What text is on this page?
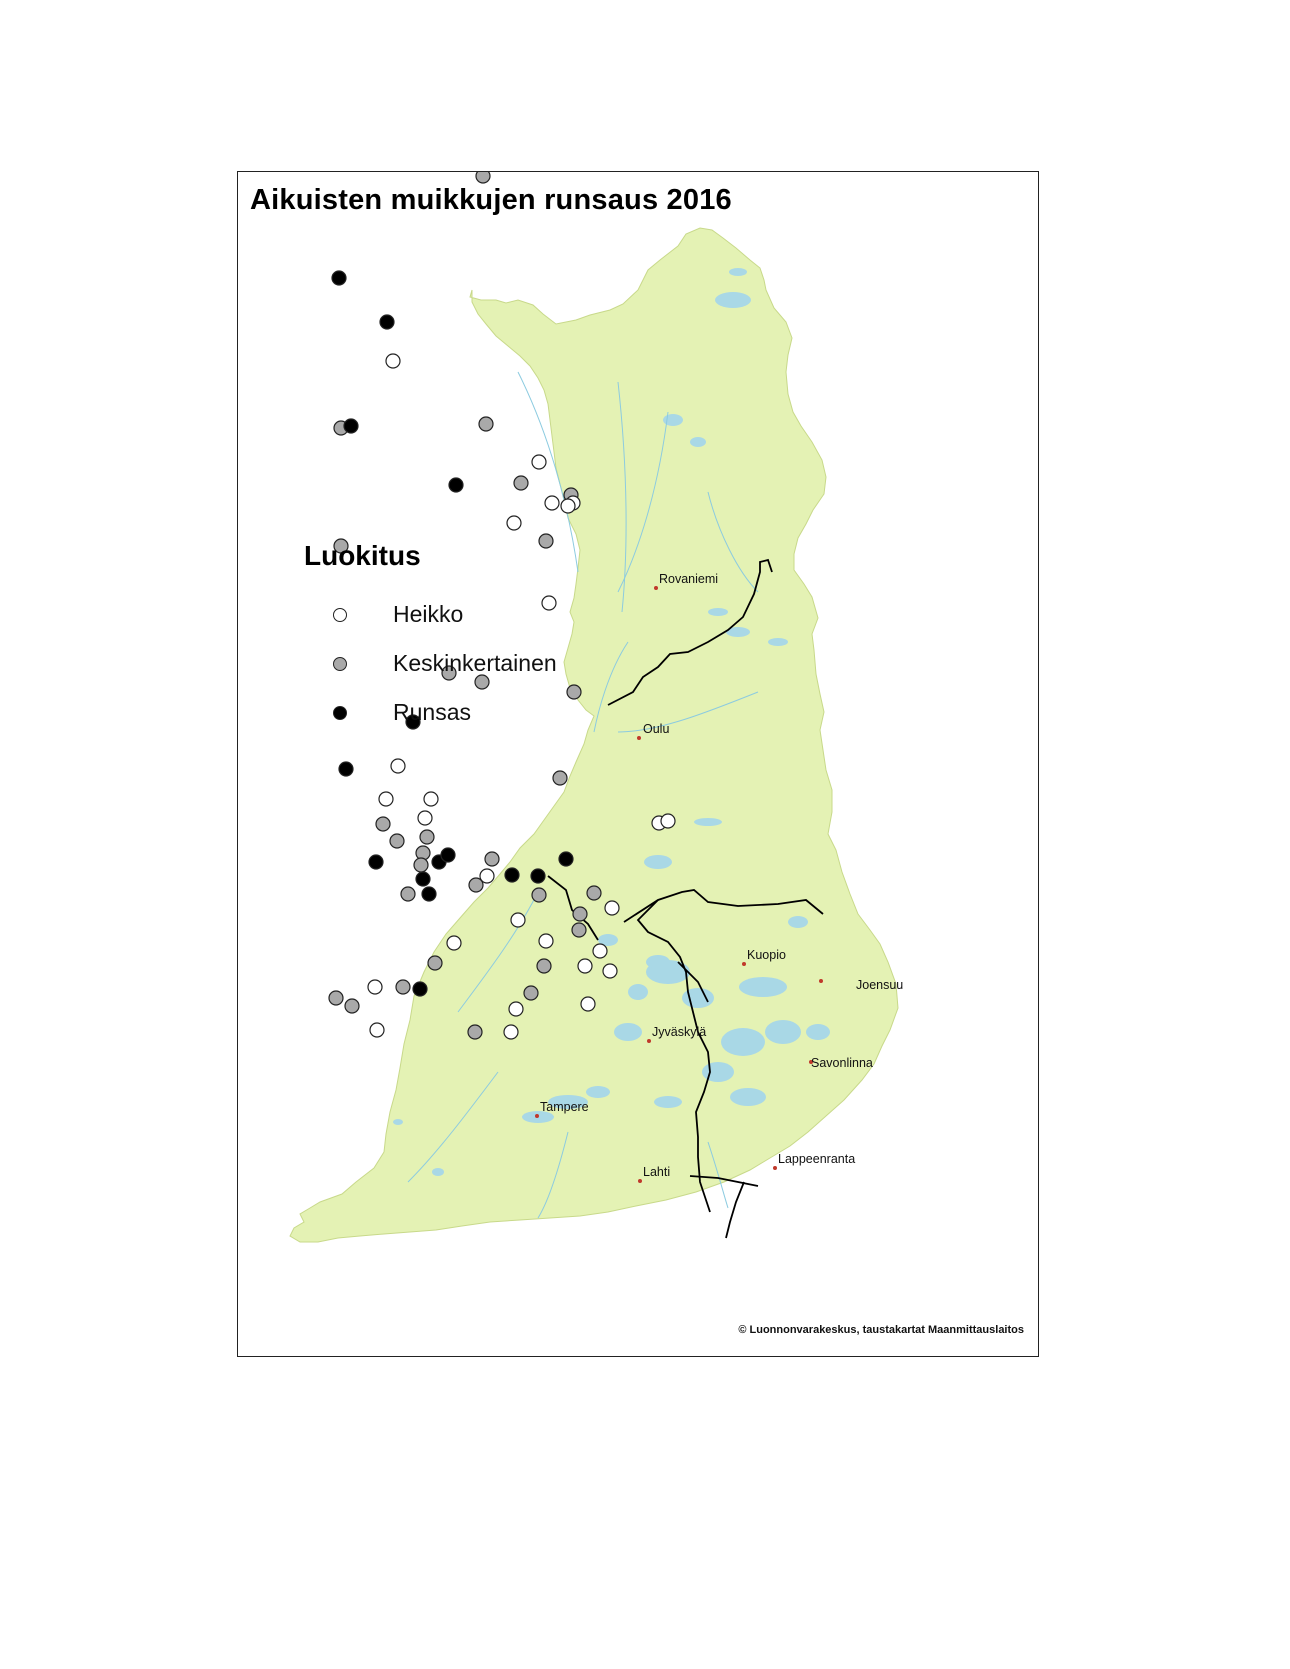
Rovaniemi
Oulu
Kuopio
Joensuu
Jyväskylä
Savonlinna
Tampere
Lahti
Lappeenranta
Aikuisten muikkujen runsaus 2016
Luokitus
Heikko
Keskinkertainen
Runsas
© Luonnonvarakeskus, taustakartat Maanmittauslaitos
